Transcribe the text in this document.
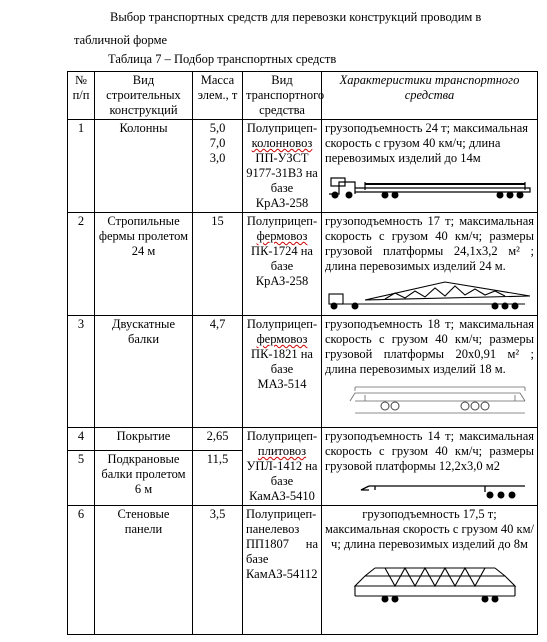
Выбор транспортных средств для перевозки конструкций проводим в табличной форме
Таблица 7 – Подбор транспортных средств
№ п/п	Вид строительных конструкций	Масса элем., т	Вид транспортного средства	Характеристики транспортного средства
1	Колонны	5,0
7,0
3,0	Полуприцеп-
колонновоз
ПП-УЗСТ 9177-31В3 на базе КрАЗ-258	грузоподъемность 24 т; максимальная скорость с грузом 40 км/ч; длина перевозимых изделий до 14м

2	Стропильные фермы пролетом 24 м	15	Полуприцеп-
фермовоз ПК-1724 на базе КрАЗ-258	грузоподъемность 17 т; максимальная скорость с грузом 40 км/ч; размеры грузовой платформы 24,1х3,2 м² ; длина перевозимых изделий 24 м.

3	Двускатные балки	4,7	Полуприцеп-
фермовоз ПК-1821 на базе МАЗ-514	грузоподъемность 18 т; максимальная скорость с грузом 40 км/ч; размеры грузовой платформы 20х0,91 м² ; длина перевозимых изделий 18 м.

4	Покрытие	2,65	Полуприцеп-
плитовоз
УПЛ-1412 на базе КамАЗ-5410	грузоподъемность 14 т; максимальная скорость с грузом 40 км/ч; размеры грузовой платформы 12,2х3,0 м2

5	Подкрановые балки пролетом 6 м	11,5		
6	Стеновые панели	3,5	Полуприцеп-панелевоз ПП1807 на базе КамАЗ-54112	грузоподъемность 17,5 т; максимальная скорость с грузом 40 км/ч; длина перевозимых изделий до 8м
